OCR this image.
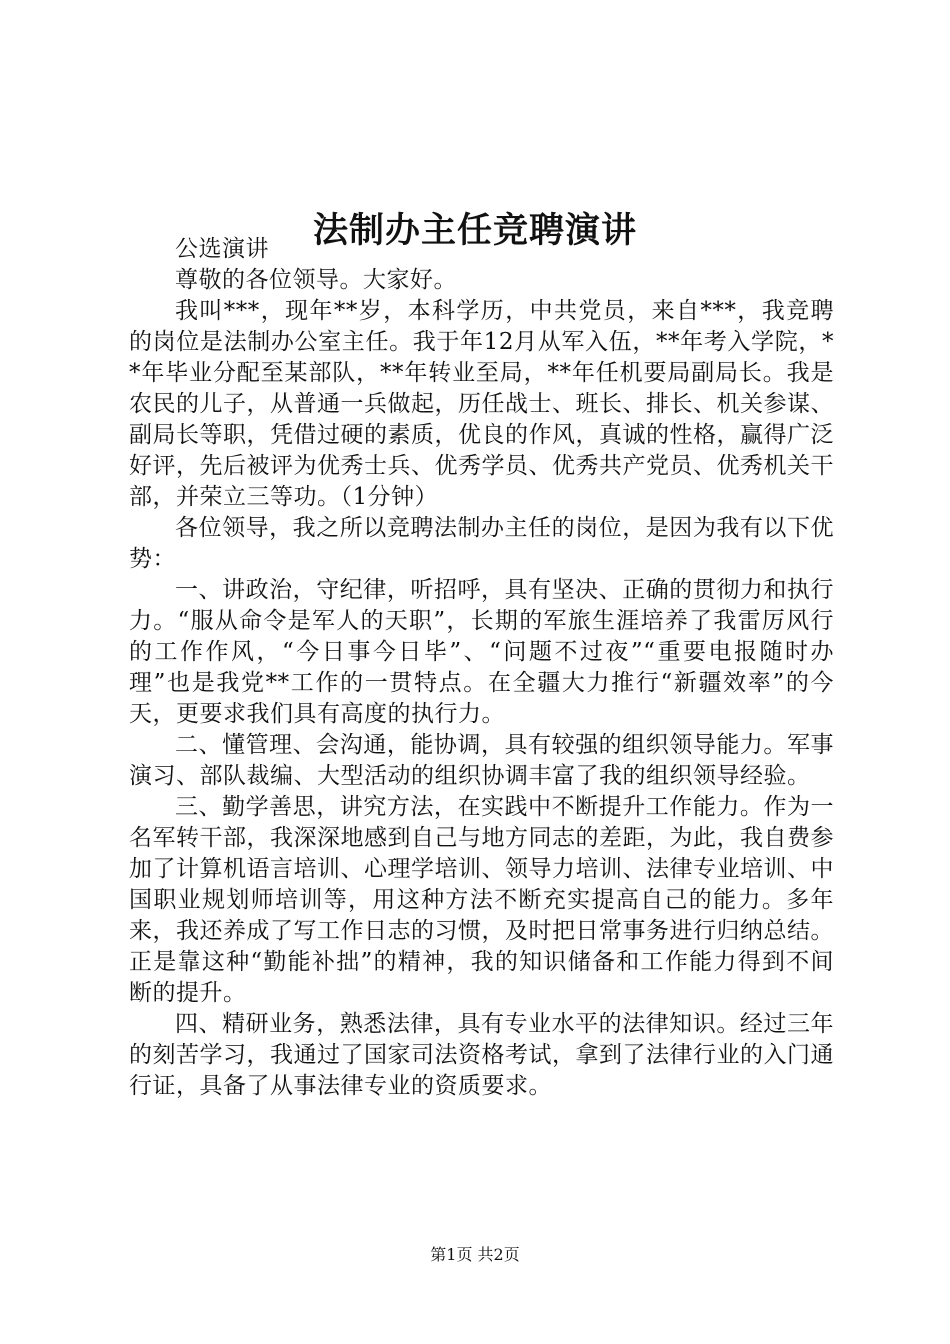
法制办主任竞聘演讲

公选演讲

尊敬的各位领导。大家好。

我叫***，现年**岁，本科学历，中共党员，来自***，我竞聘的岗位是法制办公室主任。我于年12月从军入伍，**年考入学院，**年毕业分配至某部队，**年转业至局，**年任机要局副局长。我是农民的儿子，从普通一兵做起，历任战士、班长、排长、机关参谋、副局长等职，凭借过硬的素质，优良的作风，真诚的性格，赢得广泛好评，先后被评为优秀士兵、优秀学员、优秀共产党员、优秀机关干部，并荣立三等功。（1分钟）

各位领导，我之所以竞聘法制办主任的岗位，是因为我有以下优势：

一、讲政治，守纪律，听招呼，具有坚决、正确的贯彻力和执行力。“服从命令是军人的天职”，长期的军旅生涯培养了我雷厉风行的工作作风，“今日事今日毕”、“问题不过夜”“重要电报随时办理”也是我党**工作的一贯特点。在全疆大力推行“新疆效率”的今天，更要求我们具有高度的执行力。

二、懂管理、会沟通，能协调，具有较强的组织领导能力。军事演习、部队裁编、大型活动的组织协调丰富了我的组织领导经验。

三、勤学善思，讲究方法，在实践中不断提升工作能力。作为一名军转干部，我深深地感到自己与地方同志的差距，为此，我自费参加了计算机语言培训、心理学培训、领导力培训、法律专业培训、中国职业规划师培训等，用这种方法不断充实提高自己的能力。多年来，我还养成了写工作日志的习惯，及时把日常事务进行归纳总结。正是靠这种“勤能补拙”的精神，我的知识储备和工作能力得到不间断的提升。

四、精研业务，熟悉法律，具有专业水平的法律知识。经过三年的刻苦学习，我通过了国家司法资格考试，拿到了法律行业的入门通行证，具备了从事法律专业的资质要求。

第1页 共2页
